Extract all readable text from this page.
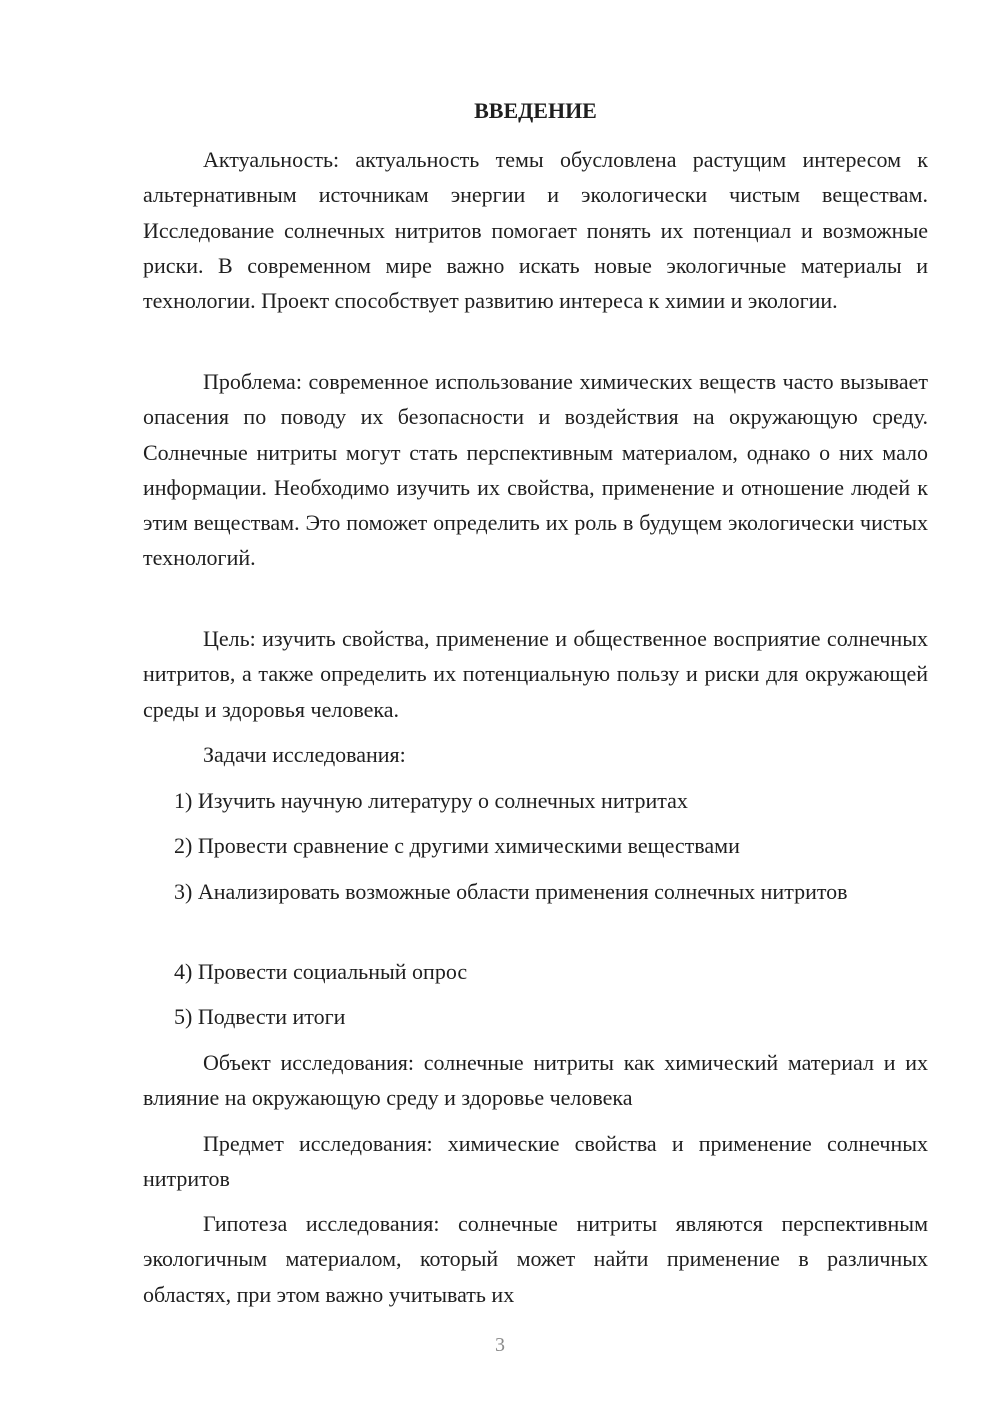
ВВЕДЕНИЕ

Актуальность: актуальность темы обусловлена растущим интересом к альтернативным источникам энергии и экологически чистым веществам. Исследование солнечных нитритов помогает понять их потенциал и возможные риски. В современном мире важно искать новые экологичные материалы и технологии. Проект способствует развитию интереса к химии и экологии.

Проблема: современное использование химических веществ часто вызывает опасения по поводу их безопасности и воздействия на окружающую среду. Солнечные нитриты могут стать перспективным материалом, однако о них мало информации. Необходимо изучить их свойства, применение и отношение людей к этим веществам. Это поможет определить их роль в будущем экологически чистых технологий.

Цель: изучить свойства, применение и общественное восприятие солнечных нитритов, а также определить их потенциальную пользу и риски для окружающей среды и здоровья человека.

Задачи исследования:

1) Изучить научную литературу о солнечных нитритах

2) Провести сравнение с другими химическими веществами

3) Анализировать возможные области применения солнечных нитритов

4) Провести социальный опрос

5) Подвести итоги

Объект исследования: солнечные нитриты как химический материал и их влияние на окружающую среду и здоровье человека

Предмет исследования: химические свойства и применение солнечных нитритов

Гипотеза исследования: солнечные нитриты являются перспективным экологичным материалом, который может найти применение в различных областях, при этом важно учитывать их

3
